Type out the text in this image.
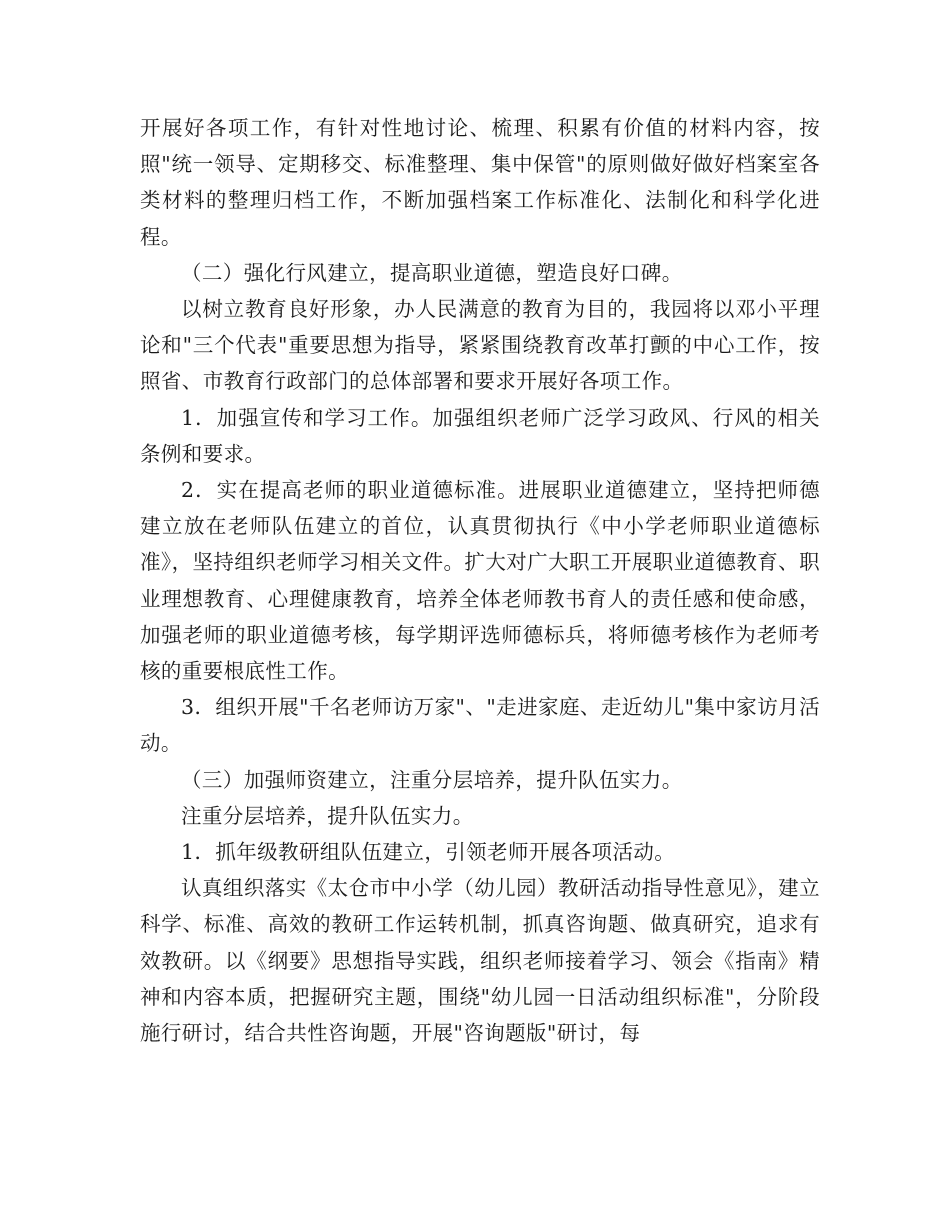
开展好各项工作，有针对性地讨论、梳理、积累有价值的材料内容，按照"统一领导、定期移交、标准整理、集中保管"的原则做好做好档案室各类材料的整理归档工作，不断加强档案工作标准化、法制化和科学化进程。

（二）强化行风建立，提高职业道德，塑造良好口碑。

以树立教育良好形象，办人民满意的教育为目的，我园将以邓小平理论和"三个代表"重要思想为指导，紧紧围绕教育改革打颤的中心工作，按照省、市教育行政部门的总体部署和要求开展好各项工作。

1．加强宣传和学习工作。加强组织老师广泛学习政风、行风的相关条例和要求。

2．实在提高老师的职业道德标准。进展职业道德建立，坚持把师德建立放在老师队伍建立的首位，认真贯彻执行《中小学老师职业道德标准》，坚持组织老师学习相关文件。扩大对广大职工开展职业道德教育、职业理想教育、心理健康教育，培养全体老师教书育人的责任感和使命感，加强老师的职业道德考核，每学期评选师德标兵，将师德考核作为老师考核的重要根底性工作。

3．组织开展"千名老师访万家"、"走进家庭、走近幼儿"集中家访月活动。

（三）加强师资建立，注重分层培养，提升队伍实力。

注重分层培养，提升队伍实力。

1．抓年级教研组队伍建立，引领老师开展各项活动。

认真组织落实《太仓市中小学（幼儿园）教研活动指导性意见》，建立科学、标准、高效的教研工作运转机制，抓真咨询题、做真研究，追求有效教研。以《纲要》思想指导实践，组织老师接着学习、领会《指南》精神和内容本质，把握研究主题，围绕"幼儿园一日活动组织标准"，分阶段施行研讨，结合共性咨询题，开展"咨询题版"研讨，每
